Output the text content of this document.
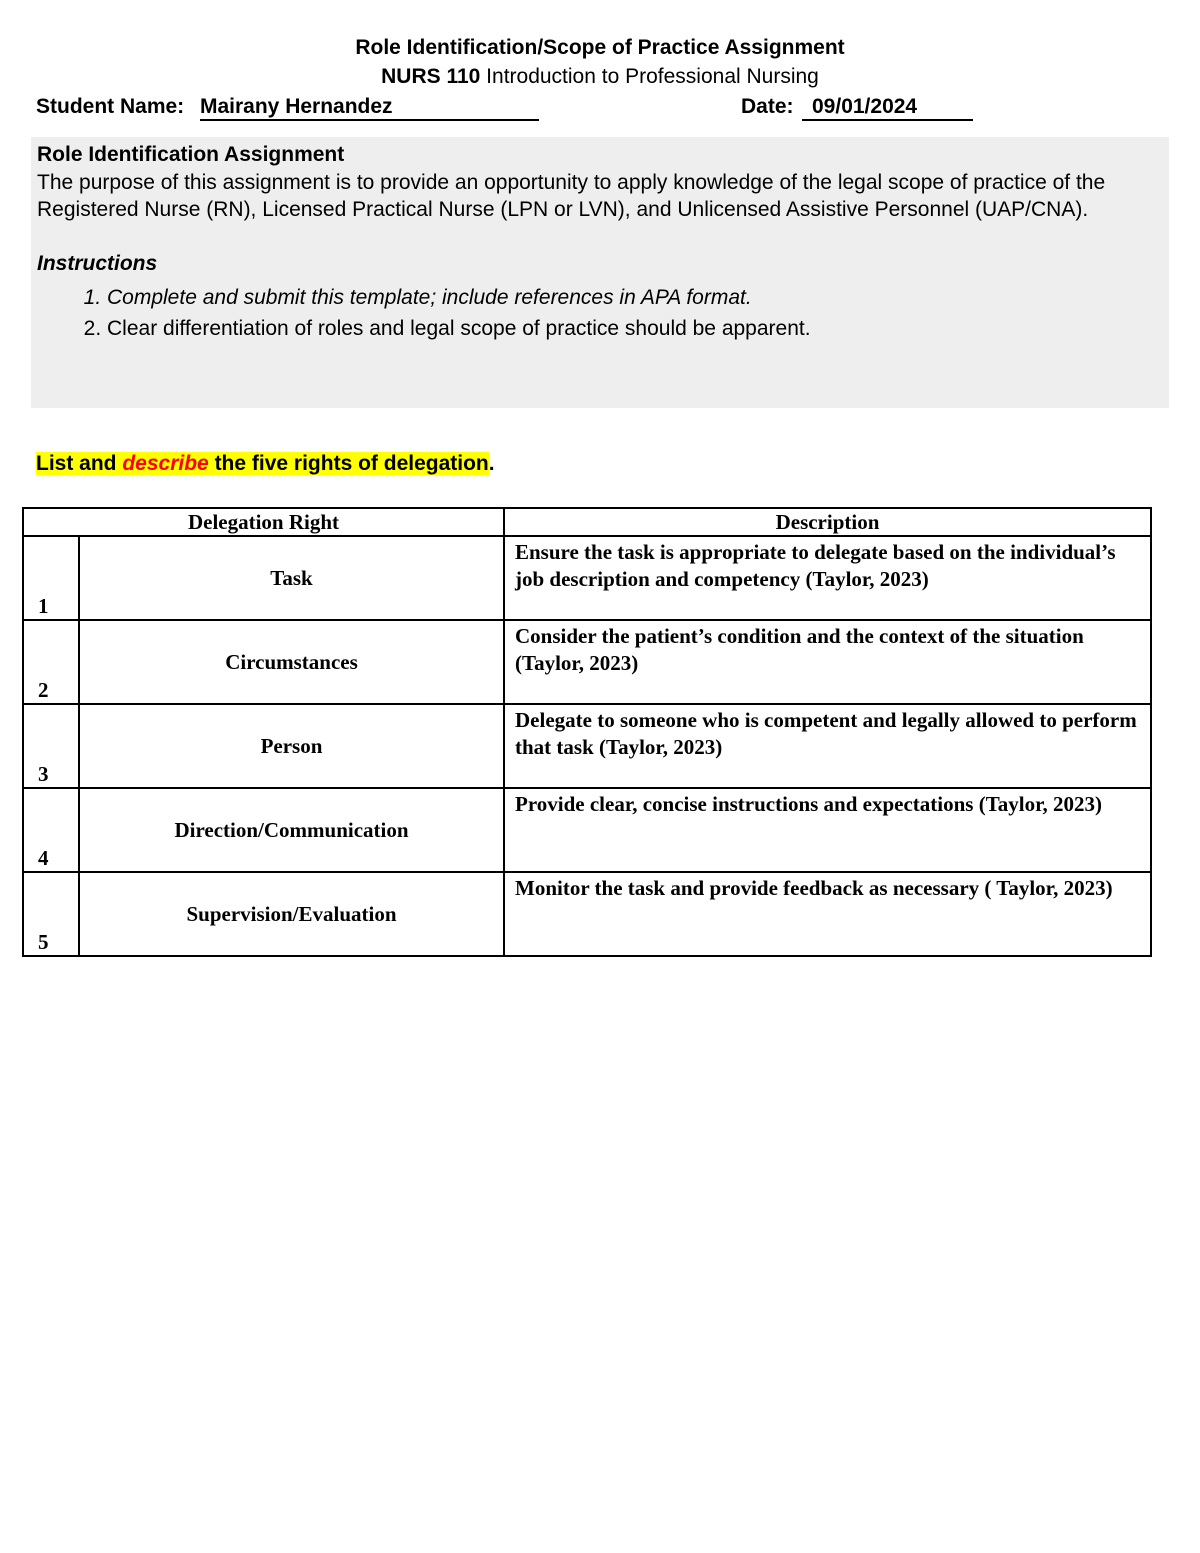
Role Identification/Scope of Practice Assignment
NURS 110 Introduction to Professional Nursing
Student Name: Mairany Hernandez	Date: 09/01/2024

Role Identification Assignment

The purpose of this assignment is to provide an opportunity to apply knowledge of the legal scope of practice of the Registered Nurse (RN), Licensed Practical Nurse (LPN or LVN), and Unlicensed Assistive Personnel (UAP/CNA).

Instructions

1. Complete and submit this template; include references in APA format.
2. Clear differentiation of roles and legal scope of practice should be apparent.
List and describe the five rights of delegation.
Delegation Right		Description
1	Task	Ensure the task is appropriate to delegate based on the individual’s job description and competency (Taylor, 2023)
2	Circumstances	Consider the patient’s condition and the context of the situation (Taylor, 2023)
3	Person	Delegate to someone who is competent and legally allowed to perform that task (Taylor, 2023)
4	Direction/Communication	Provide clear, concise instructions and expectations (Taylor, 2023)
5	Supervision/Evaluation	Monitor the task and provide feedback as necessary ( Taylor, 2023)
